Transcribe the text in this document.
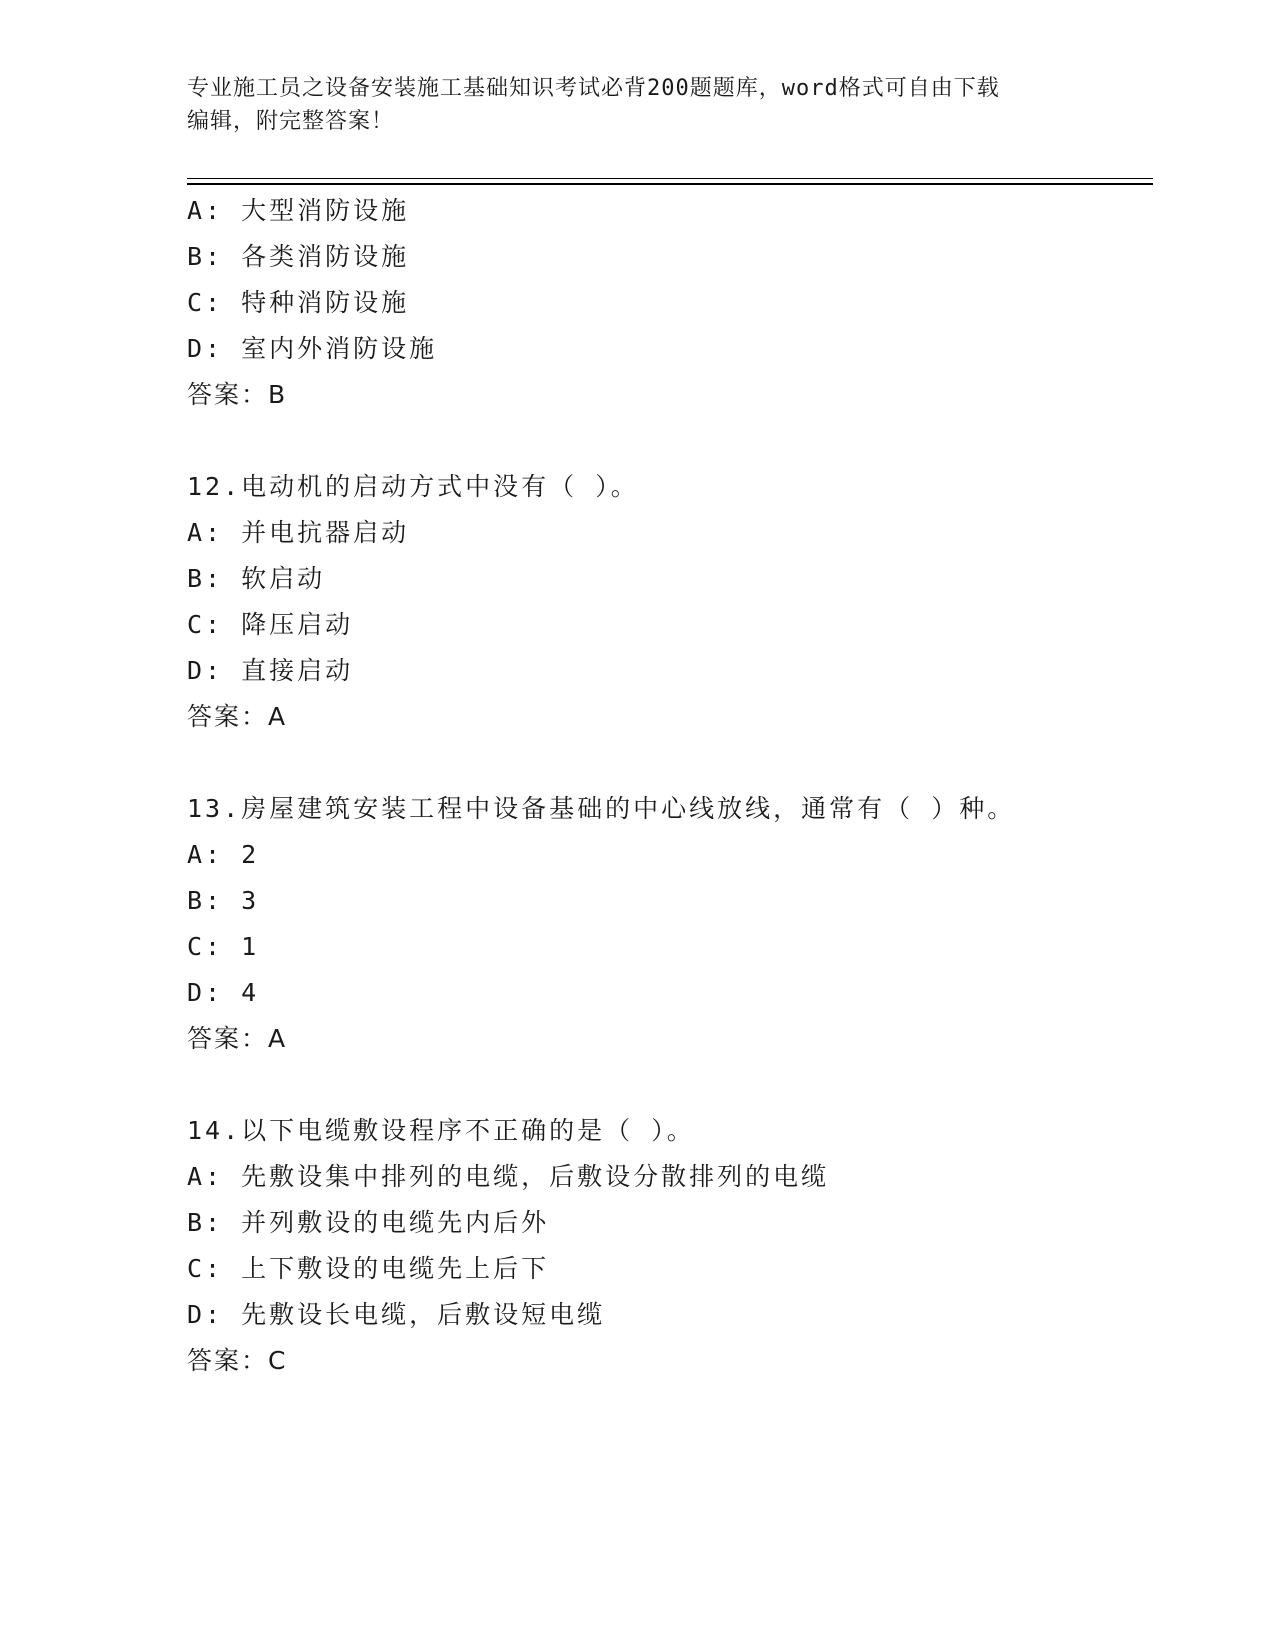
专业施工员之设备安装施工基础知识考试必背200题题库，word格式可自由下载
编辑，附完整答案！
A: 大型消防设施
B: 各类消防设施
C: 特种消防设施
D: 室内外消防设施
答案：B
12.电动机的启动方式中没有（ ）。
A: 并电抗器启动
B: 软启动
C: 降压启动
D: 直接启动
答案：A
13.房屋建筑安装工程中设备基础的中心线放线，通常有（ ）种。
A: 2
B: 3
C: 1
D: 4
答案：A
14.以下电缆敷设程序不正确的是（ ）。
A: 先敷设集中排列的电缆，后敷设分散排列的电缆
B: 并列敷设的电缆先内后外
C: 上下敷设的电缆先上后下
D: 先敷设长电缆，后敷设短电缆
答案：C
